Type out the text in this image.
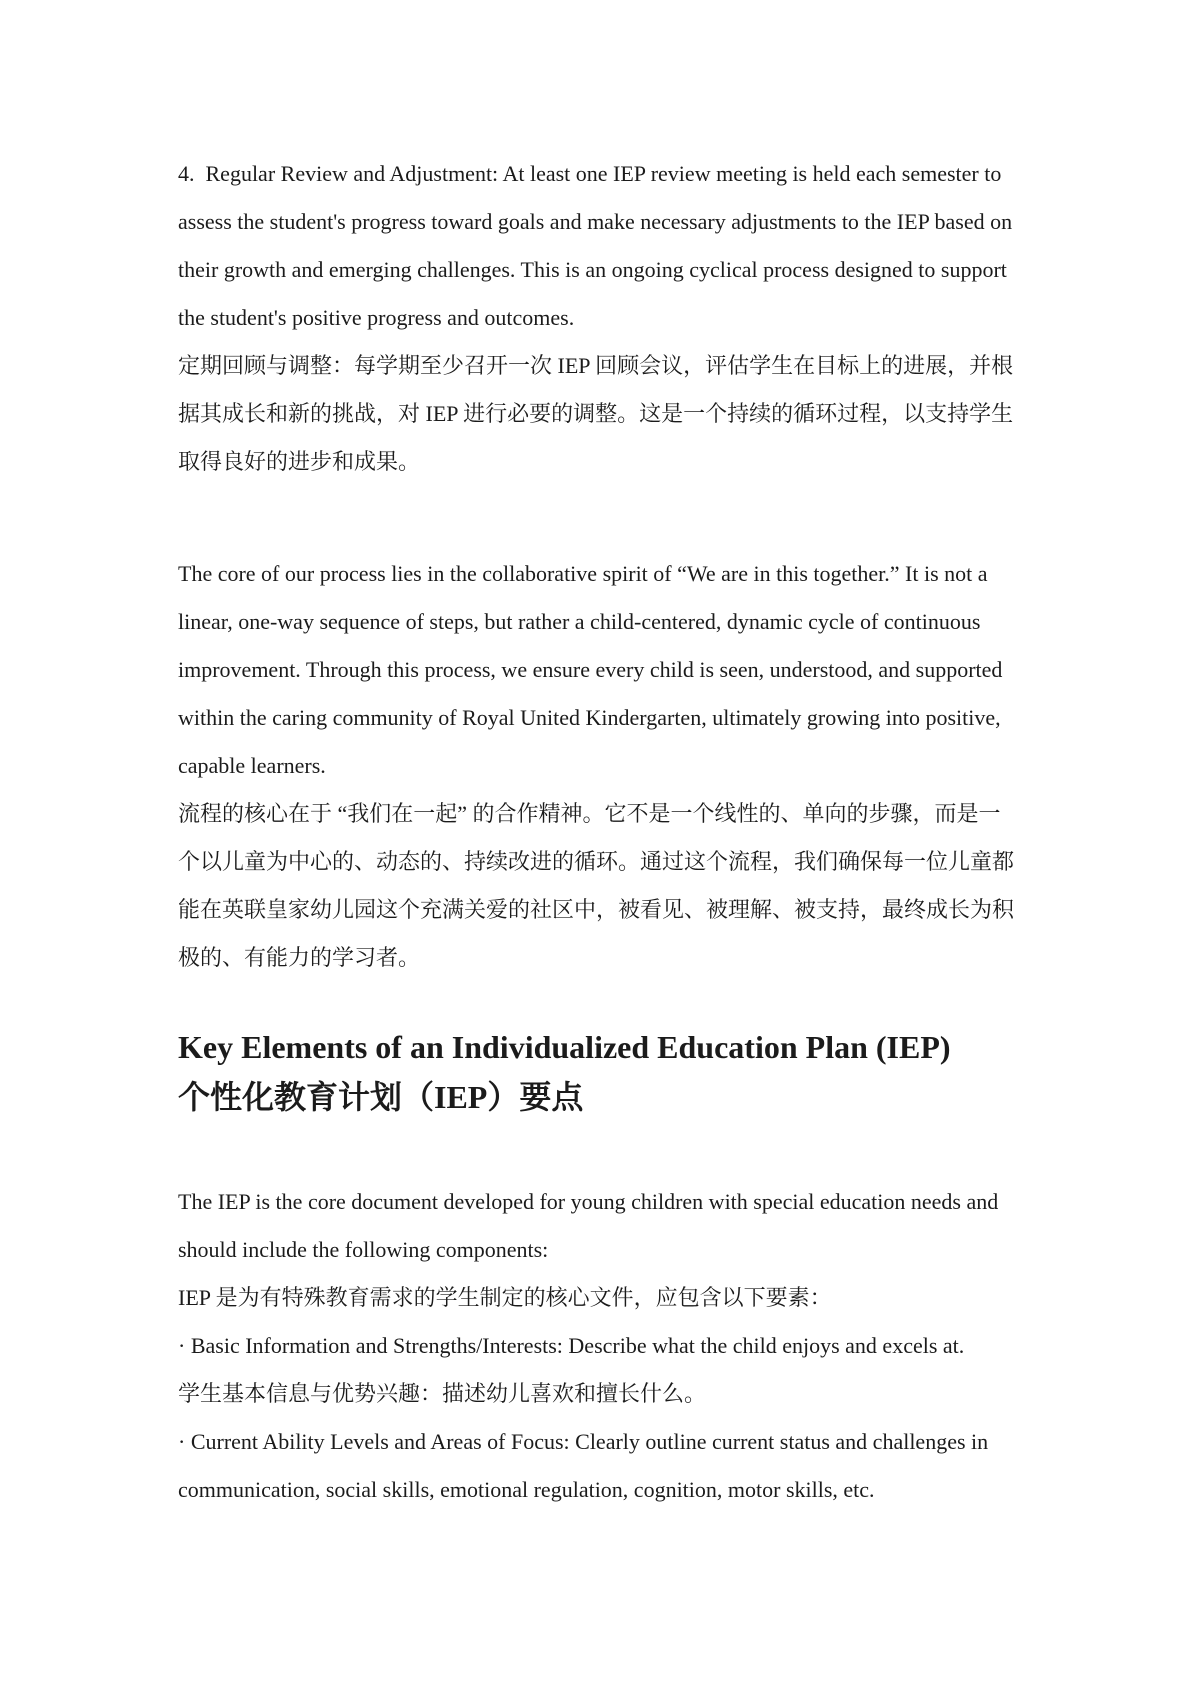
4.  Regular Review and Adjustment: At least one IEP review meeting is held each semester to assess the student's progress toward goals and make necessary adjustments to the IEP based on their growth and emerging challenges. This is an ongoing cyclical process designed to support the student's positive progress and outcomes.

定期回顾与调整：每学期至少召开一次 IEP 回顾会议，评估学生在目标上的进展，并根据其成长和新的挑战，对 IEP 进行必要的调整。这是一个持续的循环过程，以支持学生取得良好的进步和成果。

The core of our process lies in the collaborative spirit of “We are in this together.” It is not a linear, one-way sequence of steps, but rather a child-centered, dynamic cycle of continuous improvement. Through this process, we ensure every child is seen, understood, and supported within the caring community of Royal United Kindergarten, ultimately growing into positive, capable learners.

流程的核心在于 “我们在一起” 的合作精神。它不是一个线性的、单向的步骤，而是一个以儿童为中心的、动态的、持续改进的循环。通过这个流程，我们确保每一位儿童都能在英联皇家幼儿园这个充满关爱的社区中，被看见、被理解、被支持，最终成长为积极的、有能力的学习者。

Key Elements of an Individualized Education Plan (IEP)
个性化教育计划（IEP）要点

The IEP is the core document developed for young children with special education needs and should include the following components:

IEP 是为有特殊教育需求的学生制定的核心文件，应包含以下要素：

· Basic Information and Strengths/Interests: Describe what the child enjoys and excels at.

学生基本信息与优势兴趣：描述幼儿喜欢和擅长什么。

· Current Ability Levels and Areas of Focus: Clearly outline current status and challenges in communication, social skills, emotional regulation, cognition, motor skills, etc.
